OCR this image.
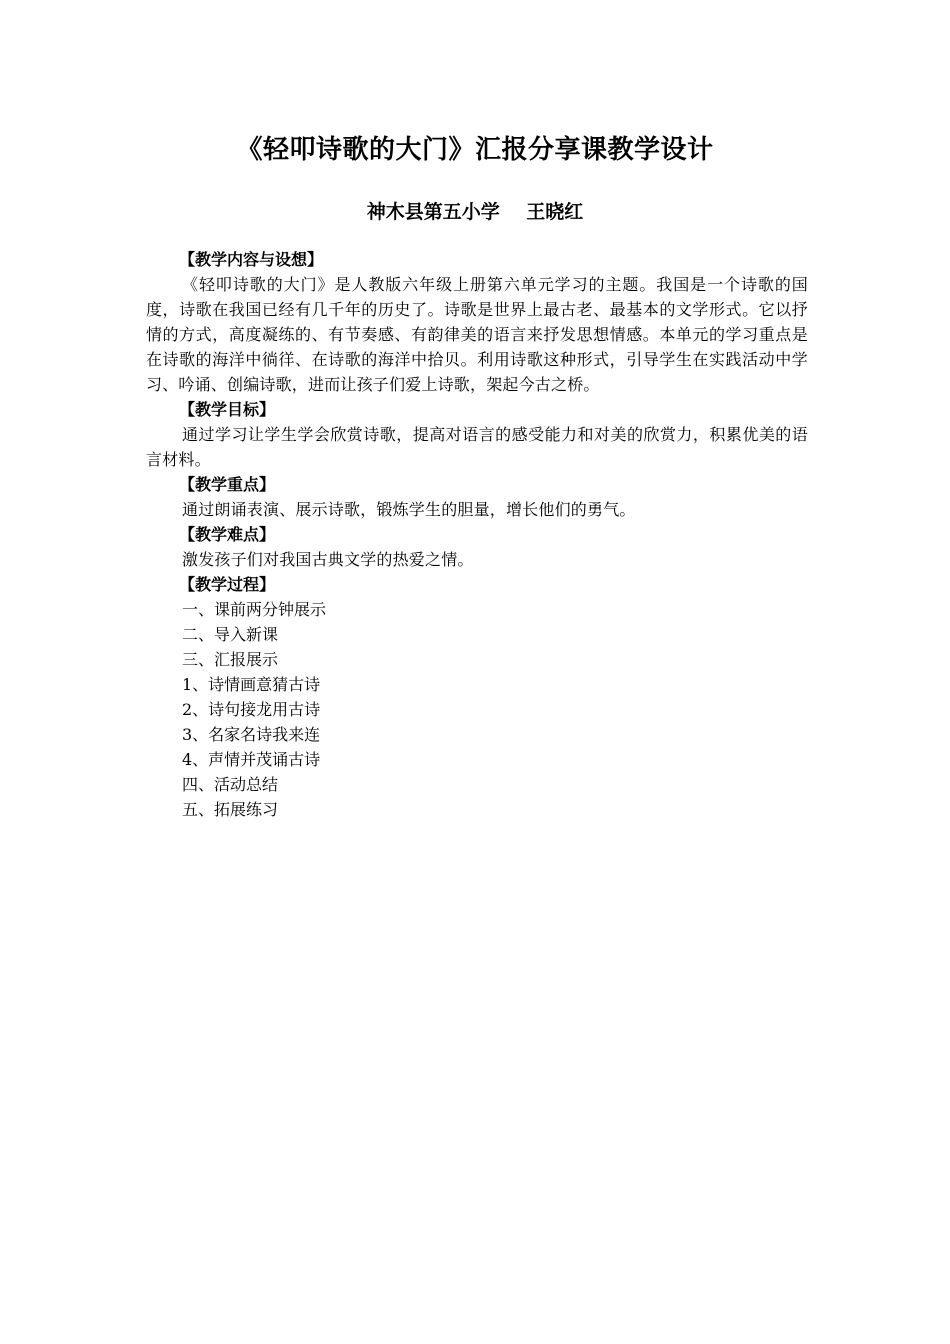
《轻叩诗歌的大门》汇报分享课教学设计
神木县第五小学    王晓红

【教学内容与设想】

《轻叩诗歌的大门》是人教版六年级上册第六单元学习的主题。我国是一个诗歌的国度，诗歌在我国已经有几千年的历史了。诗歌是世界上最古老、最基本的文学形式。它以抒情的方式，高度凝练的、有节奏感、有韵律美的语言来抒发思想情感。本单元的学习重点是在诗歌的海洋中徜徉、在诗歌的海洋中拾贝。利用诗歌这种形式，引导学生在实践活动中学习、吟诵、创编诗歌，进而让孩子们爱上诗歌，架起今古之桥。

【教学目标】

通过学习让学生学会欣赏诗歌，提高对语言的感受能力和对美的欣赏力，积累优美的语言材料。

【教学重点】

通过朗诵表演、展示诗歌，锻炼学生的胆量，增长他们的勇气。

【教学难点】

激发孩子们对我国古典文学的热爱之情。

【教学过程】

一、课前两分钟展示

二、导入新课

三、汇报展示

1、诗情画意猜古诗

2、诗句接龙用古诗

3、名家名诗我来连

4、声情并茂诵古诗

四、活动总结

五、拓展练习
